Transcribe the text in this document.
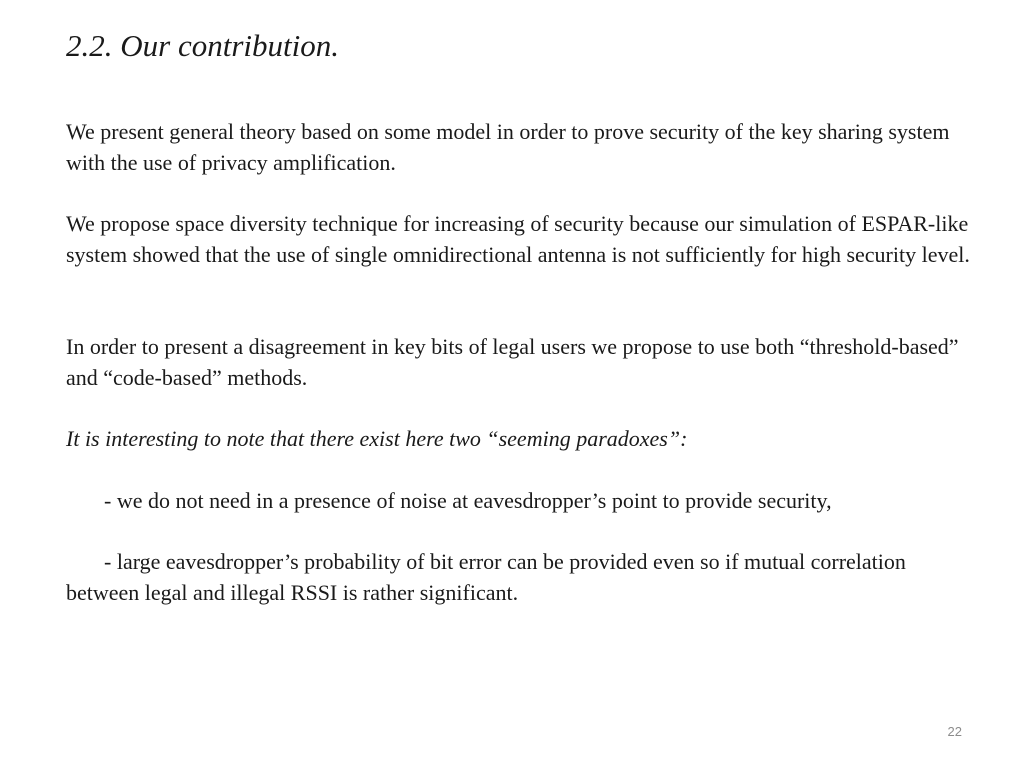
2.2. Our contribution.
We present general theory based on some model in order to prove security of the key sharing system with the use of privacy amplification.
We propose space diversity technique for increasing of security because our simulation of ESPAR-like system showed that the use of single omnidirectional antenna is not sufficiently for high security level.
In order to present a disagreement in key bits of legal users we propose to use both “threshold-based” and “code-based” methods.
It is interesting to note that there exist here two “seeming paradoxes”:
- we do not need in a presence of noise at eavesdropper’s point to provide security,
- large eavesdropper’s probability of bit error can be provided even so if mutual correlation between legal and illegal RSSI is rather significant.
22
